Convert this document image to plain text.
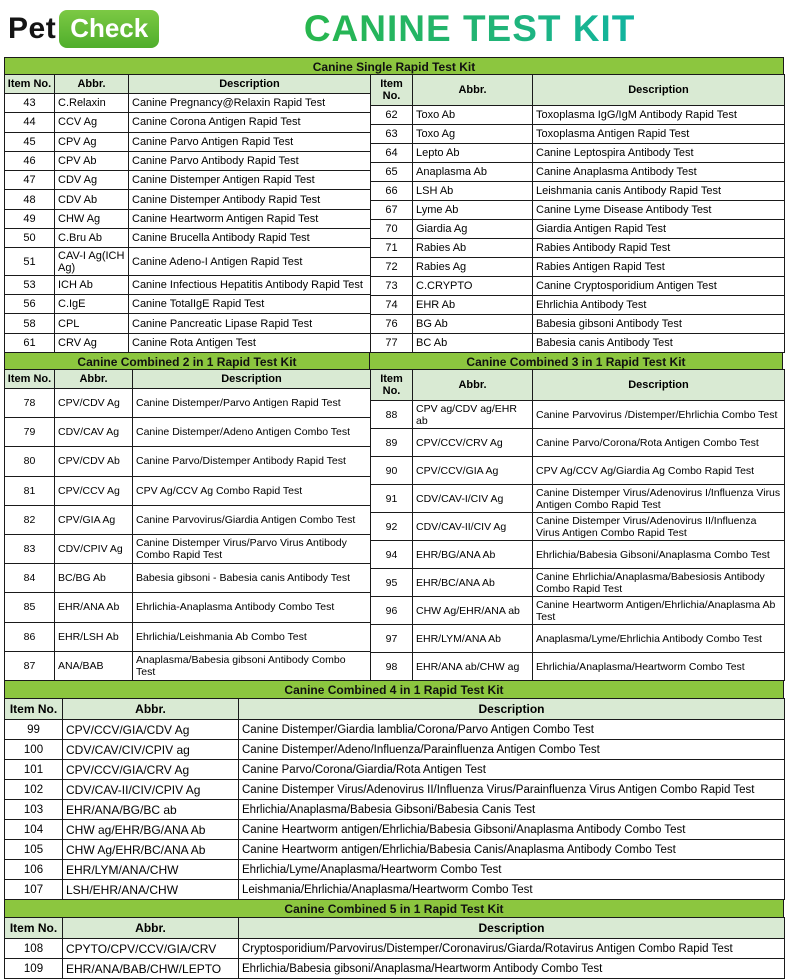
Pet Check	CANINE TEST KIT
Canine Single Rapid Test Kit
Item No.	Abbr.	Description
43	C.Relaxin	Canine Pregnancy@Relaxin Rapid Test
44	CCV Ag	Canine Corona Antigen Rapid Test
45	CPV Ag	Canine Parvo Antigen Rapid Test
46	CPV Ab	Canine Parvo Antibody Rapid Test
47	CDV Ag	Canine Distemper Antigen Rapid Test
48	CDV Ab	Canine Distemper Antibody Rapid Test
49	CHW Ag	Canine Heartworm Antigen Rapid Test
50	C.Bru Ab	Canine Brucella Antibody Rapid Test
51	CAV-I Ag(ICH Ag)	Canine Adeno-I Antigen Rapid Test
53	ICH Ab	Canine Infectious Hepatitis Antibody Rapid Test
56	C.IgE	Canine TotalIgE Rapid Test
58	CPL	Canine Pancreatic Lipase Rapid Test
61	CRV Ag	Canine Rota Antigen Test
Item No.	Abbr.	Description
62	Toxo Ab	Toxoplasma IgG/IgM Antibody Rapid Test
63	Toxo Ag	Toxoplasma Antigen Rapid Test
64	Lepto Ab	Canine Leptospira Antibody Test
65	Anaplasma Ab	Canine Anaplasma Antibody Test
66	LSH Ab	Leishmania canis Antibody Rapid Test
67	Lyme Ab	Canine Lyme Disease Antibody Test
70	Giardia Ag	Giardia Antigen Rapid Test
71	Rabies Ab	Rabies Antibody Rapid Test
72	Rabies Ag	Rabies Antigen Rapid Test
73	C.CRYPTO	Canine Cryptosporidium Antigen Test
74	EHR Ab	Ehrlichia Antibody Test
76	BG Ab	Babesia gibsoni Antibody Test
77	BC Ab	Babesia canis Antibody Test
Canine Combined 2 in 1 Rapid Test Kit	Canine Combined 3 in 1 Rapid Test Kit
Item No.	Abbr.	Description
78	CPV/CDV Ag	Canine Distemper/Parvo Antigen Rapid Test
79	CDV/CAV Ag	Canine Distemper/Adeno Antigen Combo Test
80	CPV/CDV Ab	Canine Parvo/Distemper Antibody Rapid Test
81	CPV/CCV Ag	CPV Ag/CCV Ag Combo Rapid Test
82	CPV/GIA Ag	Canine Parvovirus/Giardia Antigen Combo Test
83	CDV/CPIV Ag	Canine Distemper Virus/Parvo Virus Antibody Combo Rapid Test
84	BC/BG Ab	Babesia gibsoni - Babesia canis Antibody Test
85	EHR/ANA Ab	Ehrlichia-Anaplasma Antibody Combo Test
86	EHR/LSH Ab	Ehrlichia/Leishmania Ab Combo Test
87	ANA/BAB	Anaplasma/Babesia gibsoni Antibody Combo Test
Item No.	Abbr.	Description
88	CPV ag/CDV ag/EHR ab	Canine Parvovirus /Distemper/Ehrlichia Combo Test
89	CPV/CCV/CRV Ag	Canine Parvo/Corona/Rota Antigen Combo Test
90	CPV/CCV/GIA Ag	CPV Ag/CCV Ag/Giardia Ag Combo Rapid Test
91	CDV/CAV-I/CIV Ag	Canine Distemper Virus/Adenovirus I/Influenza Virus Antigen Combo Rapid Test
92	CDV/CAV-II/CIV Ag	Canine Distemper Virus/Adenovirus II/Influenza Virus Antigen Combo Rapid Test
94	EHR/BG/ANA Ab	Ehrlichia/Babesia Gibsoni/Anaplasma Combo Test
95	EHR/BC/ANA Ab	Canine Ehrlichia/Anaplasma/Babesiosis Antibody Combo Rapid Test
96	CHW Ag/EHR/ANA ab	Canine Heartworm Antigen/Ehrlichia/Anaplasma Ab Test
97	EHR/LYM/ANA Ab	Anaplasma/Lyme/Ehrlichia Antibody Combo Test
98	EHR/ANA ab/CHW ag	Ehrlichia/Anaplasma/Heartworm Combo Test
Canine Combined 4 in 1 Rapid Test Kit
Item No.	Abbr.	Description
99	CPV/CCV/GIA/CDV Ag	Canine Distemper/Giardia lamblia/Corona/Parvo Antigen Combo Test
100	CDV/CAV/CIV/CPIV ag	Canine Distemper/Adeno/Influenza/Parainfluenza Antigen Combo Test
101	CPV/CCV/GIA/CRV Ag	Canine Parvo/Corona/Giardia/Rota Antigen Test
102	CDV/CAV-II/CIV/CPIV Ag	Canine Distemper Virus/Adenovirus II/Influenza Virus/Parainfluenza Virus Antigen Combo Rapid Test
103	EHR/ANA/BG/BC ab	Ehrlichia/Anaplasma/Babesia Gibsoni/Babesia Canis Test
104	CHW ag/EHR/BG/ANA Ab	Canine Heartworm antigen/Ehrlichia/Babesia Gibsoni/Anaplasma Antibody Combo Test
105	CHW Ag/EHR/BC/ANA Ab	Canine Heartworm antigen/Ehrlichia/Babesia Canis/Anaplasma Antibody Combo Test
106	EHR/LYM/ANA/CHW	Ehrlichia/Lyme/Anaplasma/Heartworm Combo Test
107	LSH/EHR/ANA/CHW	Leishmania/Ehrlichia/Anaplasma/Heartworm Combo Test
Canine Combined 5 in 1 Rapid Test Kit
Item No.	Abbr.	Description
108	CPYTO/CPV/CCV/GIA/CRV	Cryptosporidium/Parvovirus/Distemper/Coronavirus/Giarda/Rotavirus Antigen Combo Rapid Test
109	EHR/ANA/BAB/CHW/LEPTO	Ehrlichia/Babesia gibsoni/Anaplasma/Heartworm Antibody Combo Test
